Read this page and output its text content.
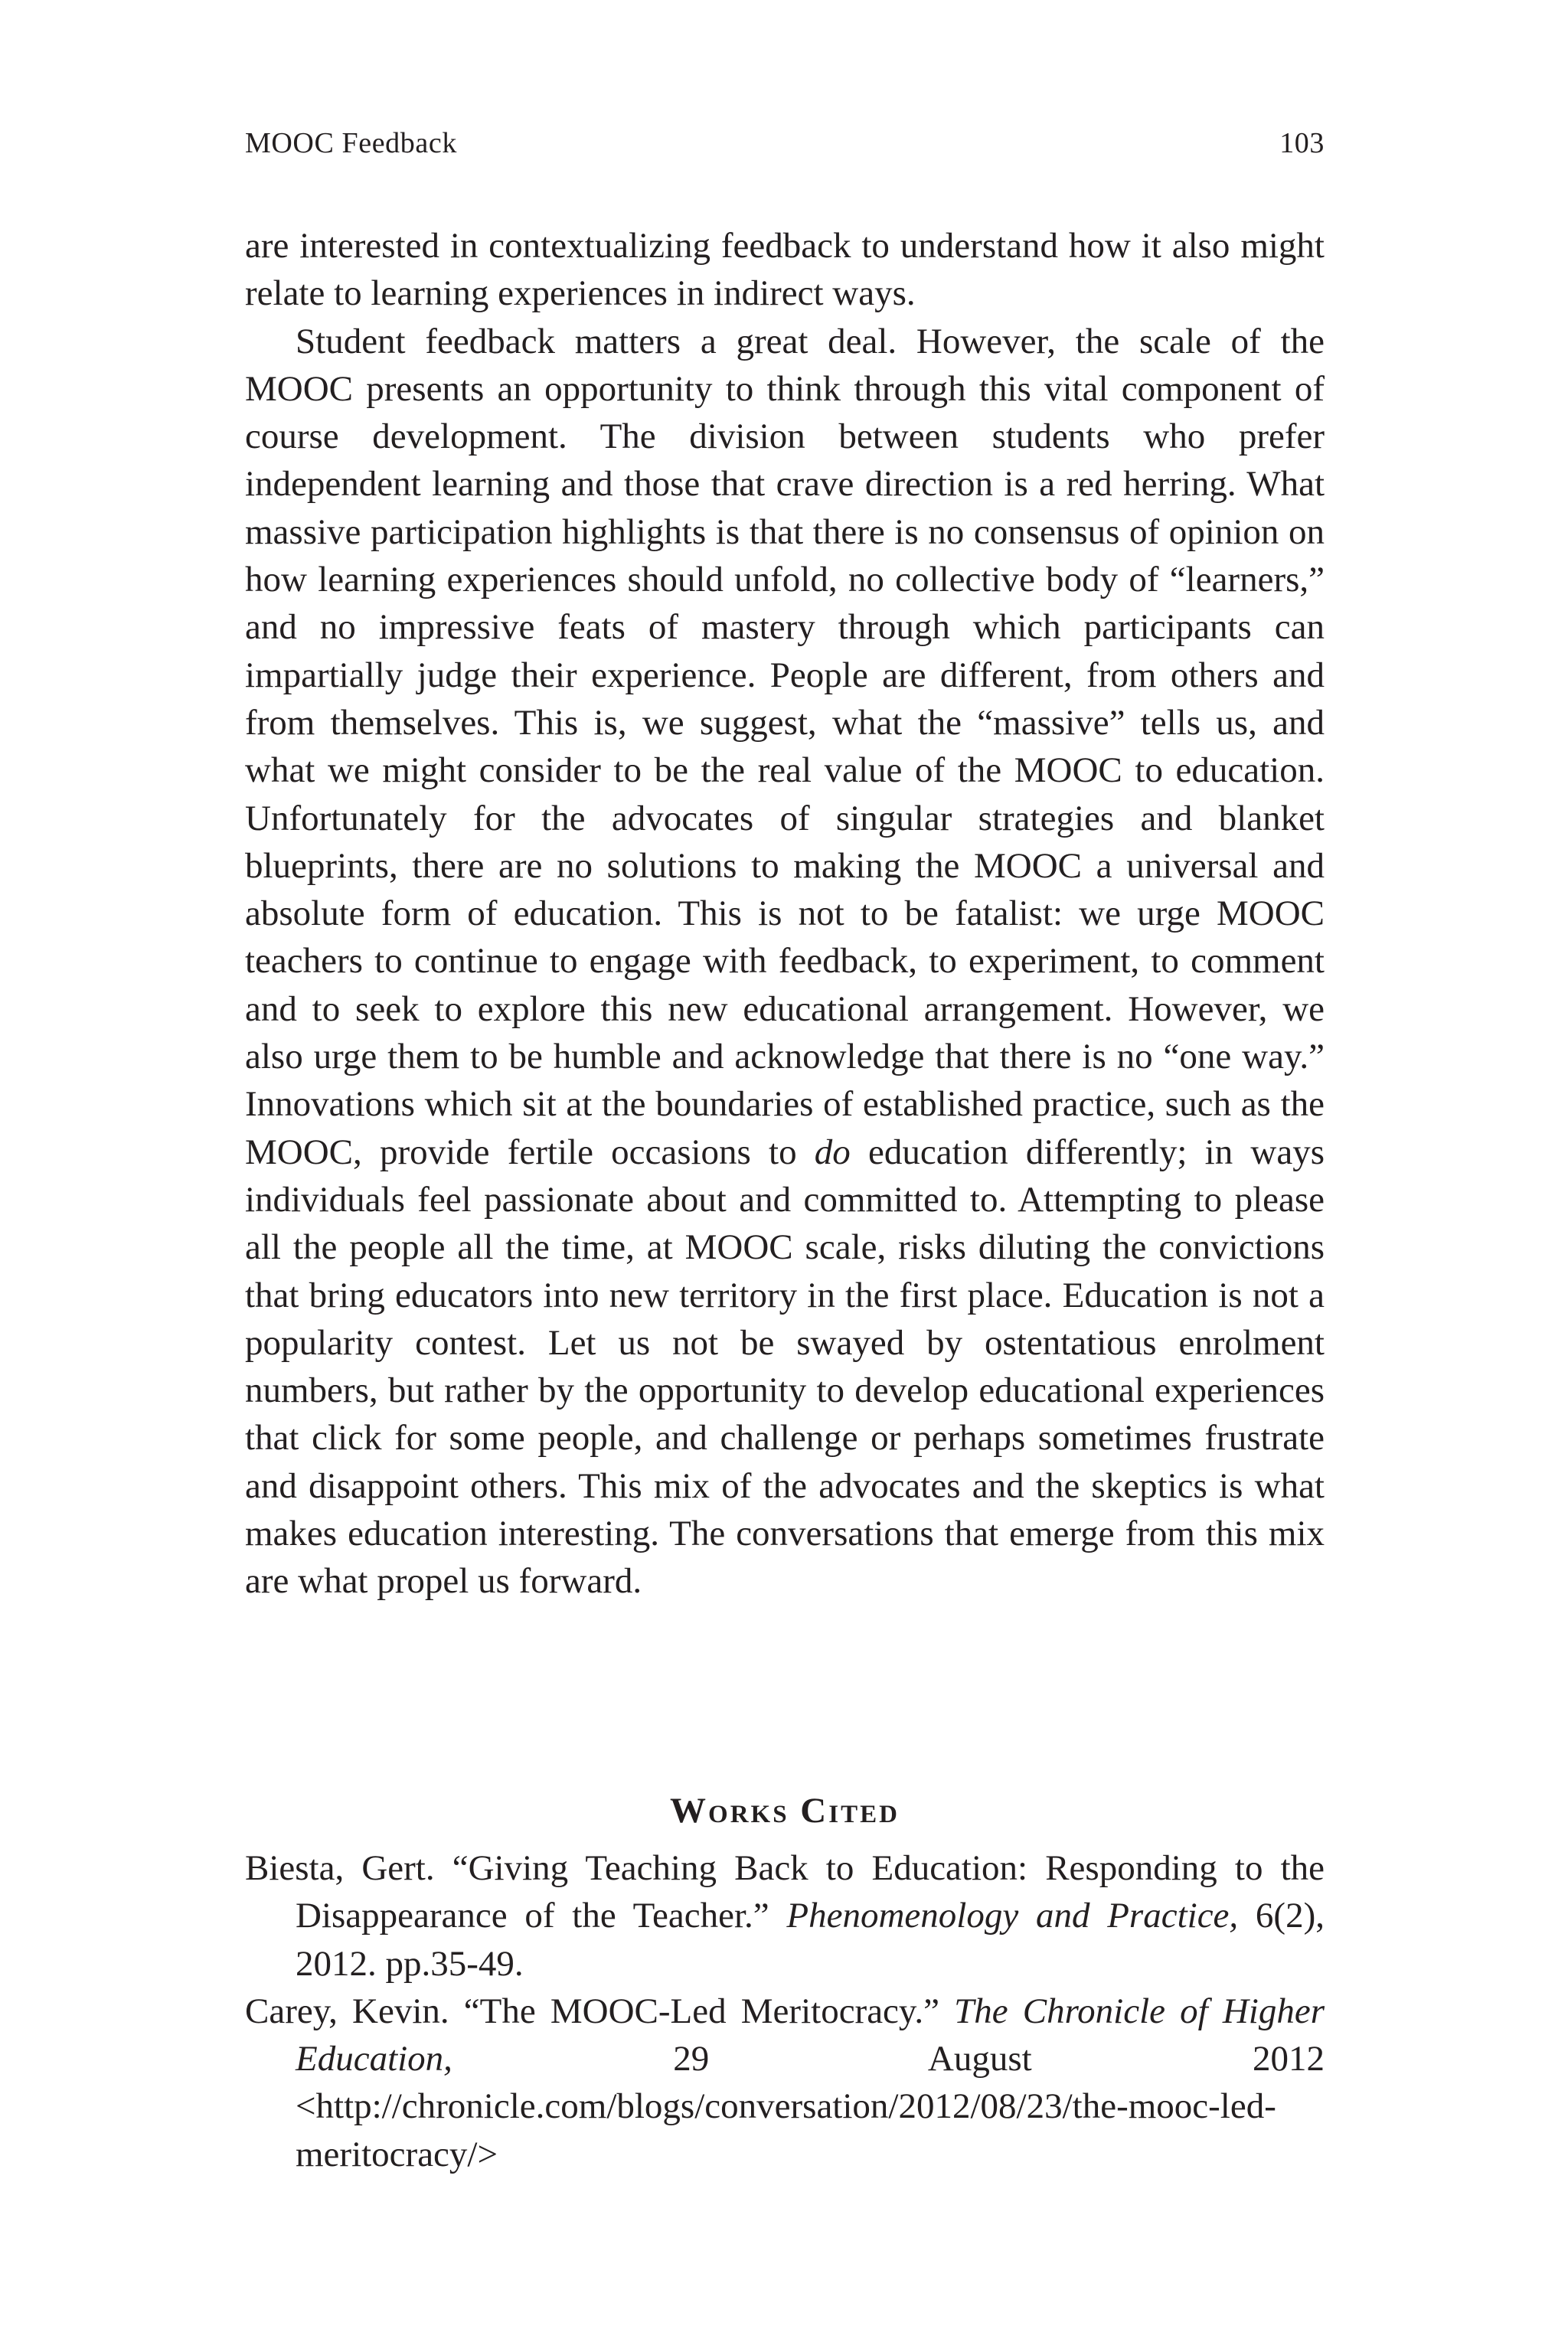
MOOC Feedback	103

are interested in contextualizing feedback to understand how it also might relate to learning experiences in indirect ways.

Student feedback matters a great deal. However, the scale of the MOOC presents an opportunity to think through this vital component of course development. The division between students who prefer independent learning and those that crave direction is a red herring. What massive participation highlights is that there is no consensus of opinion on how learning experiences should unfold, no collective body of “learners,” and no impressive feats of mastery through which participants can impartially judge their experience. People are different, from others and from themselves. This is, we suggest, what the “massive” tells us, and what we might consider to be the real value of the MOOC to education. Unfortunately for the advocates of singular strategies and blanket blueprints, there are no solutions to making the MOOC a universal and absolute form of education. This is not to be fatalist: we urge MOOC teachers to continue to engage with feedback, to experiment, to comment and to seek to explore this new educational arrangement. However, we also urge them to be humble and acknowledge that there is no “one way.” Innovations which sit at the boundaries of established practice, such as the MOOC, provide fertile occasions to do education differently; in ways individuals feel passionate about and committed to. Attempting to please all the people all the time, at MOOC scale, risks diluting the convictions that bring educators into new territory in the first place. Education is not a popularity contest. Let us not be swayed by ostentatious enrolment numbers, but rather by the opportunity to develop educational experiences that click for some people, and challenge or perhaps sometimes frustrate and disappoint others. This mix of the advocates and the skeptics is what makes education interesting. The conversations that emerge from this mix are what propel us forward.

Works Cited

Biesta, Gert. “Giving Teaching Back to Education: Responding to the Disappearance of the Teacher.” Phenomenology and Practice, 6(2), 2012. pp.35-49.

Carey, Kevin. “The MOOC-Led Meritocracy.” The Chronicle of Higher Education, 29 August 2012 <http://chronicle.com/blogs/conversation/2012/08/23/the-mooc-led-meritocracy/>
